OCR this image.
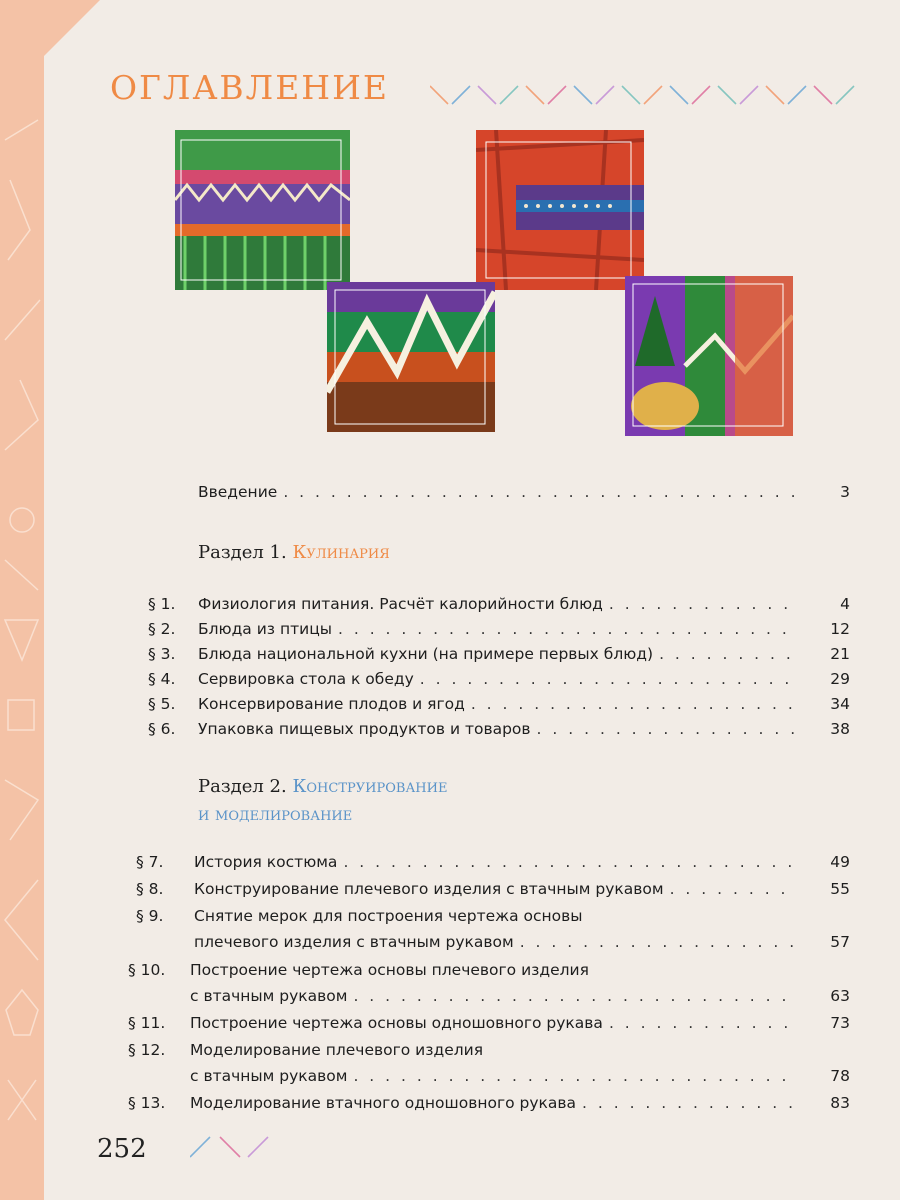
ОГЛАВЛЕНИЕ
Введение . . .	3
Раздел 1. Кулинария
§ 1. Физиология питания. Расчёт калорийности блюд . . .	4
§ 2. Блюда из птицы . . .	12
§ 3. Блюда национальной кухни (на примере первых блюд) . . .	21
§ 4. Сервировка стола к обеду . . .	29
§ 5. Консервирование плодов и ягод . . .	34
§ 6. Упаковка пищевых продуктов и товаров . . .	38
Раздел 2. Конструирование
и моделирование
§ 7. История костюма . . .	49
§ 8. Конструирование плечевого изделия с втачным рукавом . . .	55
§ 9. Снятие мерок для построения чертежа основы
плечевого изделия с втачным рукавом . . .	57
§ 10. Построение чертежа основы плечевого изделия
с втачным рукавом . . .	63
§ 11. Построение чертежа основы одношовного рукава . . .	73
§ 12. Моделирование плечевого изделия
с втачным рукавом . . .	78
§ 13. Моделирование втачного одношовного рукава . . .	83
252
